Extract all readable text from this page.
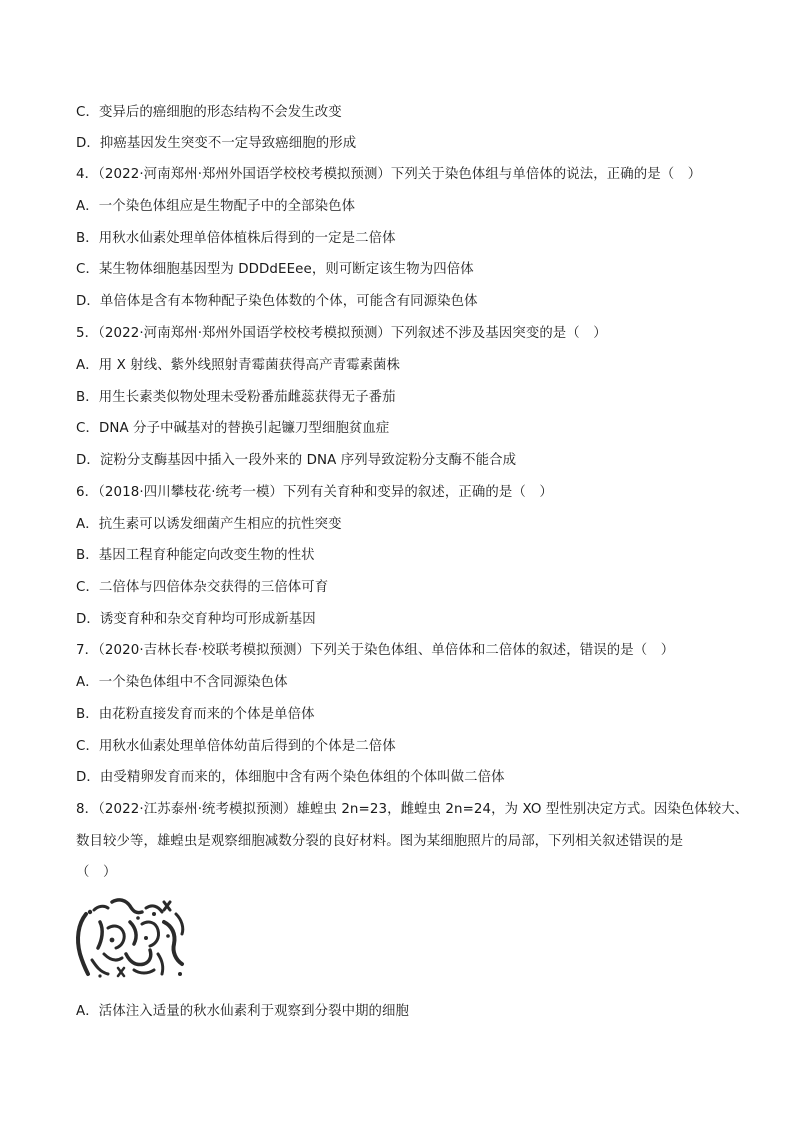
C．变异后的癌细胞的形态结构不会发生改变
D．抑癌基因发生突变不一定导致癌细胞的形成
4．（2022·河南郑州·郑州外国语学校校考模拟预测）下列关于染色体组与单倍体的说法，正确的是（　）
A．一个染色体组应是生物配子中的全部染色体
B．用秋水仙素处理单倍体植株后得到的一定是二倍体
C．某生物体细胞基因型为 DDDdEEee，则可断定该生物为四倍体
D．单倍体是含有本物种配子染色体数的个体，可能含有同源染色体
5．（2022·河南郑州·郑州外国语学校校考模拟预测）下列叙述不涉及基因突变的是（　）
A．用 X 射线、紫外线照射青霉菌获得高产青霉素菌株
B．用生长素类似物处理未受粉番茄雌蕊获得无子番茄
C．DNA 分子中碱基对的替换引起镰刀型细胞贫血症
D．淀粉分支酶基因中插入一段外来的 DNA 序列导致淀粉分支酶不能合成
6．（2018·四川攀枝花·统考一模）下列有关育种和变异的叙述，正确的是（　）
A．抗生素可以诱发细菌产生相应的抗性突变
B．基因工程育种能定向改变生物的性状
C．二倍体与四倍体杂交获得的三倍体可育
D．诱变育种和杂交育种均可形成新基因
7．（2020·吉林长春·校联考模拟预测）下列关于染色体组、单倍体和二倍体的叙述，错误的是（　）
A．一个染色体组中不含同源染色体
B．由花粉直接发育而来的个体是单倍体
C．用秋水仙素处理单倍体幼苗后得到的个体是二倍体
D．由受精卵发育而来的，体细胞中含有两个染色体组的个体叫做二倍体
8．（2022·江苏泰州·统考模拟预测）雄蝗虫 2n=23，雌蝗虫 2n=24，为 XO 型性别决定方式。因染色体较大、
数目较少等，雄蝗虫是观察细胞减数分裂的良好材料。图为某细胞照片的局部，下列相关叙述错误的是
（　）
A．活体注入适量的秋水仙素利于观察到分裂中期的细胞
